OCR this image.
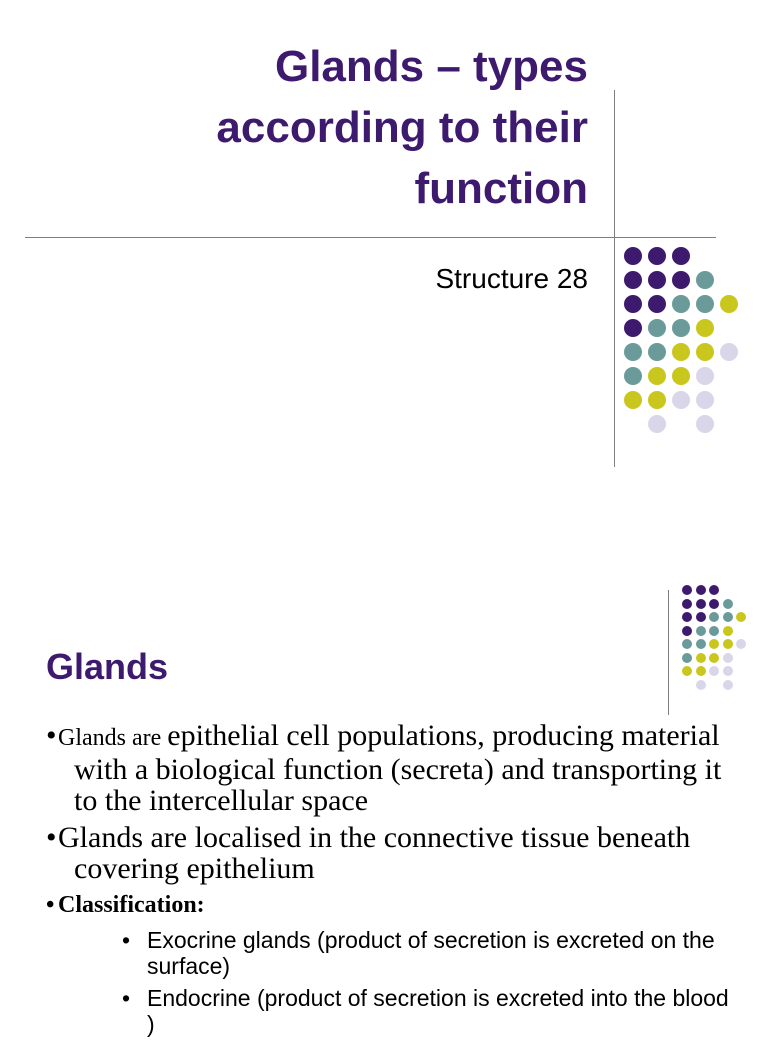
Glands – types
according to their
function
Structure 28
Glands

•Glands are epithelial cell populations, producing material with a biological function (secreta) and transporting it to the intercellular space

•Glands are localised in the connective tissue beneath covering epithelium

• Classification:

• Exocrine glands (product of secretion is excreted on the surface)

• Endocrine (product of secretion is excreted into the blood )
